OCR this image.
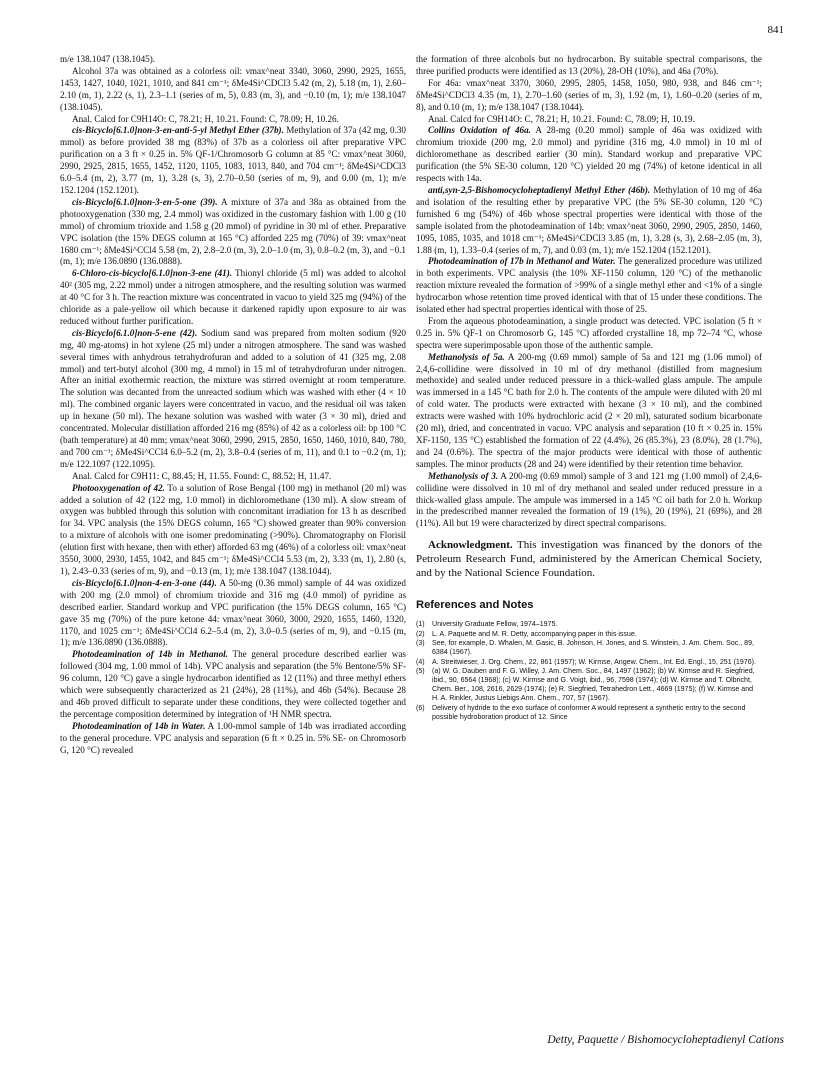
841

m/e 138.1047 (138.1045).

Alcohol 37a was obtained as a colorless oil: νmax^neat 3340, 3060, 2990, 2925, 1655, 1453, 1427, 1040, 1021, 1010, and 841 cm⁻¹; δMe4Si^CDCl3 5.42 (m, 2), 5.18 (m, 1), 2.60–2.10 (m, 1), 2.22 (s, 1), 2.3–1.1 (series of m, 5), 0.83 (m, 3), and −0.10 (m, 1); m/e 138.1047 (138.1045).

Anal. Calcd for C9H14O: C, 78.21; H, 10.21. Found: C, 78.09; H, 10.26.

cis-Bicyclo[6.1.0]non-3-en-anti-5-yl Methyl Ether (37b). Methylation of 37a (42 mg, 0.30 mmol) as before provided 38 mg (83%) of 37b as a colorless oil after preparative VPC purification on a 3 ft × 0.25 in. 5% QF-1/Chromosorb G column at 85 °C: νmax^neat 3060, 2990, 2925, 2815, 1655, 1452, 1120, 1105, 1083, 1013, 840, and 704 cm⁻¹; δMe4Si^CDCl3 6.0–5.4 (m, 2), 3.77 (m, 1), 3.28 (s, 3), 2.70–0.50 (series of m, 9), and 0.00 (m, 1); m/e 152.1204 (152.1201).

cis-Bicyclo[6.1.0]non-3-en-5-one (39). A mixture of 37a and 38a as obtained from the photooxygenation (330 mg, 2.4 mmol) was oxidized in the customary fashion with 1.00 g (10 mmol) of chromium trioxide and 1.58 g (20 mmol) of pyridine in 30 ml of ether. Preparative VPC isolation (the 15% DEGS column at 165 °C) afforded 225 mg (70%) of 39: νmax^neat 1680 cm⁻¹; δMe4Si^CCl4 5.58 (m, 2), 2.8–2.0 (m, 3), 2.0–1.0 (m, 3), 0.8–0.2 (m, 3), and −0.1 (m, 1); m/e 136.0890 (136.0888).

6-Chloro-cis-bicyclo[6.1.0]non-3-ene (41). Thionyl chloride (5 ml) was added to alcohol 40² (305 mg, 2.22 mmol) under a nitrogen atmosphere, and the resulting solution was warmed at 40 °C for 3 h. The reaction mixture was concentrated in vacuo to yield 325 mg (94%) of the chloride as a pale-yellow oil which because it darkened rapidly upon exposure to air was reduced without further purification.

cis-Bicyclo[6.1.0]non-5-ene (42). Sodium sand was prepared from molten sodium (920 mg, 40 mg-atoms) in hot xylene (25 ml) under a nitrogen atmosphere. The sand was washed several times with anhydrous tetrahydrofuran and added to a solution of 41 (325 mg, 2.08 mmol) and tert-butyl alcohol (300 mg, 4 mmol) in 15 ml of tetrahydrofuran under nitrogen. After an initial exothermic reaction, the mixture was stirred overnight at room temperature. The solution was decanted from the unreacted sodium which was washed with ether (4 × 10 ml). The combined organic layers were concentrated in vacuo, and the residual oil was taken up in hexane (50 ml). The hexane solution was washed with water (3 × 30 ml), dried and concentrated. Molecular distillation afforded 216 mg (85%) of 42 as a colorless oil: bp 100 °C (bath temperature) at 40 mm; νmax^neat 3060, 2990, 2915, 2850, 1650, 1460, 1010, 840, 780, and 700 cm⁻¹; δMe4Si^CCl4 6.0–5.2 (m, 2), 3.8–0.4 (series of m, 11), and 0.1 to −0.2 (m, 1); m/e 122.1097 (122.1095).

Anal. Calcd for C9H11: C, 88.45; H, 11.55. Found: C, 88.52; H, 11.47.

Photooxygenation of 42. To a solution of Rose Bengal (100 mg) in methanol (20 ml) was added a solution of 42 (122 mg, 1.0 mmol) in dichloromethane (130 ml). A slow stream of oxygen was bubbled through this solution with concomitant irradiation for 13 h as described for 34. VPC analysis (the 15% DEGS column, 165 °C) showed greater than 90% conversion to a mixture of alcohols with one isomer predominating (>90%). Chromatography on Florisil (elution first with hexane, then with ether) afforded 63 mg (46%) of a colorless oil: νmax^neat 3550, 3000, 2930, 1455, 1042, and 845 cm⁻¹; δMe4Si^CCl4 5.53 (m, 2), 3.33 (m, 1), 2.80 (s, 1), 2.43–0.33 (series of m, 9), and −0.13 (m, 1); m/e 138.1047 (138.1044).

cis-Bicyclo[6.1.0]non-4-en-3-one (44). A 50-mg (0.36 mmol) sample of 44 was oxidized with 200 mg (2.0 mmol) of chromium trioxide and 316 mg (4.0 mmol) of pyridine as described earlier. Standard workup and VPC purification (the 15% DEGS column, 165 °C) gave 35 mg (70%) of the pure ketone 44: νmax^neat 3060, 3000, 2920, 1655, 1460, 1320, 1170, and 1025 cm⁻¹; δMe4Si^CCl4 6.2–5.4 (m, 2), 3.0–0.5 (series of m, 9), and −0.15 (m, 1); m/e 136.0890 (136.0888).

Photodeamination of 14b in Methanol. The general procedure described earlier was followed (304 mg, 1.00 mmol of 14b). VPC analysis and separation (the 5% Bentone/5% SF-96 column, 120 °C) gave a single hydrocarbon identified as 12 (11%) and three methyl ethers which were subsequently characterized as 21 (24%), 28 (11%), and 46b (54%). Because 28 and 46b proved difficult to separate under these conditions, they were collected together and the percentage composition determined by integration of ¹H NMR spectra.

Photodeamination of 14b in Water. A 1.00-mmol sample of 14b was irradiated according to the general procedure. VPC analysis and separation (6 ft × 0.25 in. 5% SE- on Chromosorb G, 120 °C) revealed

the formation of three alcohols but no hydrocarbon. By suitable spectral comparisons, the three purified products were identified as 13 (20%), 28-OH (10%), and 46a (70%).

For 46a: νmax^neat 3370, 3060, 2995, 2805, 1458, 1050, 980, 938, and 846 cm⁻¹; δMe4Si^CDCl3 4.35 (m, 1), 2.70–1.60 (series of m, 3), 1.92 (m, 1), 1.60–0.20 (series of m, 8), and 0.10 (m, 1); m/e 138.1047 (138.1044).

Anal. Calcd for C9H14O: C, 78.21; H, 10.21. Found: C, 78.09; H, 10.19.

Collins Oxidation of 46a. A 28-mg (0.20 mmol) sample of 46a was oxidized with chromium trioxide (200 mg, 2.0 mmol) and pyridine (316 mg, 4.0 mmol) in 10 ml of dichloromethane as described earlier (30 min). Standard workup and preparative VPC purification (the 5% SE-30 column, 120 °C) yielded 20 mg (74%) of ketone identical in all respects with 14a.

anti,syn-2,5-Bishomocycloheptadienyl Methyl Ether (46b). Methylation of 10 mg of 46a and isolation of the resulting ether by preparative VPC (the 5% SE-30 column, 120 °C) furnished 6 mg (54%) of 46b whose spectral properties were identical with those of the sample isolated from the photodeamination of 14b: νmax^neat 3060, 2990, 2905, 2850, 1460, 1095, 1085, 1035, and 1018 cm⁻¹; δMe4Si^CDCl3 3.85 (m, 1), 3.28 (s, 3), 2.68–2.05 (m, 3), 1.88 (m, 1), 1.33–0.4 (series of m, 7), and 0.03 (m, 1); m/e 152.1204 (152.1201).

Photodeamination of 17b in Methanol and Water. The generalized procedure was utilized in both experiments. VPC analysis (the 10% XF-1150 column, 120 °C) of the methanolic reaction mixture revealed the formation of >99% of a single methyl ether and <1% of a single hydrocarbon whose retention time proved identical with that of 15 under these conditions. The isolated ether had spectral properties identical with those of 25.

From the aqueous photodeamination, a single product was detected. VPC isolation (5 ft × 0.25 in. 5% QF-1 on Chromosorb G, 145 °C) afforded crystalline 18, mp 72–74 °C, whose spectra were superimposable upon those of the authentic sample.

Methanolysis of 5a. A 200-mg (0.69 mmol) sample of 5a and 121 mg (1.06 mmol) of 2,4,6-collidine were dissolved in 10 ml of dry methanol (distilled from magnesium methoxide) and sealed under reduced pressure in a thick-walled glass ampule. The ampule was immersed in a 145 °C bath for 2.0 h. The contents of the ampule were diluted with 20 ml of cold water. The products were extracted with hexane (3 × 10 ml), and the combined extracts were washed with 10% hydrochloric acid (2 × 20 ml), saturated sodium bicarbonate (20 ml), dried, and concentrated in vacuo. VPC analysis and separation (10 ft × 0.25 in. 15% XF-1150, 135 °C) established the formation of 22 (4.4%), 26 (85.3%), 23 (8.0%), 28 (1.7%), and 24 (0.6%). The spectra of the major products were identical with those of authentic samples. The minor products (28 and 24) were identified by their retention time behavior.

Methanolysis of 3. A 200-mg (0.69 mmol) sample of 3 and 121 mg (1.00 mmol) of 2,4,6-collidine were dissolved in 10 ml of dry methanol and sealed under reduced pressure in a thick-walled glass ampule. The ampule was immersed in a 145 °C oil bath for 2.0 h. Workup in the predescribed manner revealed the formation of 19 (1%), 20 (19%), 21 (69%), and 28 (11%). All but 19 were characterized by direct spectral comparisons.

Acknowledgment. This investigation was financed by the donors of the Petroleum Research Fund, administered by the American Chemical Society, and by the National Science Foundation.

References and Notes
(1) University Graduate Fellow, 1974–1975.
(2) L. A. Paquette and M. R. Detty, accompanying paper in this issue.
(3) See, for example, D. Whalen, M. Gasic, B. Johnson, H. Jones, and S. Winstein, J. Am. Chem. Soc., 89, 6384 (1967).
(4) A. Streitwieser, J. Org. Chem., 22, 861 (1957); W. Kirmse, Angew. Chem., Int. Ed. Engl., 15, 251 (1976).
(5) (a) W. G. Dauben and F. G. Willey, J. Am. Chem. Soc., 84, 1497 (1962); (b) W. Kirmse and R. Siegfried, ibid., 90, 6564 (1968); (c) W. Kirmse and G. Voigt, ibid., 96, 7598 (1974); (d) W. Kirmse and T. Olbricht, Chem. Ber., 108, 2616, 2629 (1974); (e) R. Siegfried, Tetrahedron Lett., 4669 (1975); (f) W. Kirmse and H. A. Rinkler, Justus Liebigs Ann. Chem., 707, 57 (1967).
(6) Delivery of hydride to the exo surface of conformer A would represent a synthetic entry to the second possible hydroboration product of 12. Since
Detty, Paquette / Bishomocycloheptadienyl Cations
